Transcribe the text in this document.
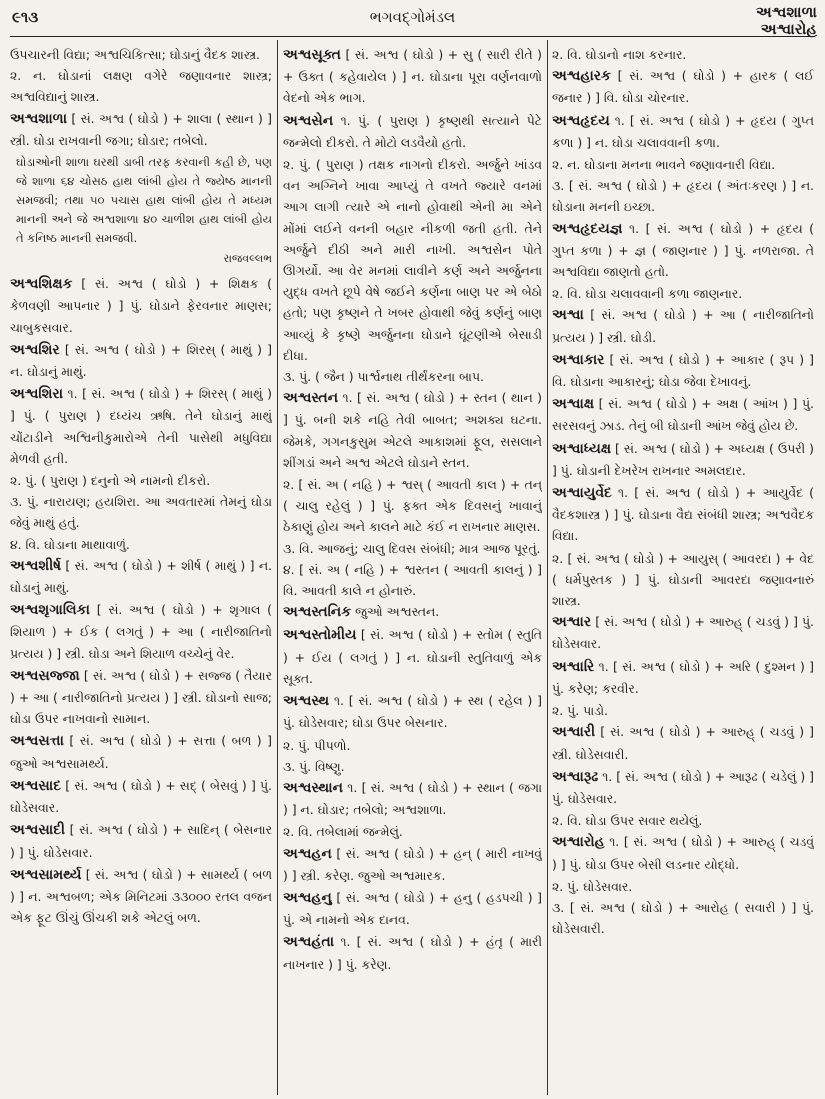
૯૧૩	ભગવદ્ગોમંડલ	અશ્વશાળા
અશ્વારોહ

ઉપચારની વિદ્યા; અશ્વચિકિત્સા; ઘોડાનું વૈદક શાસ્ત્ર.

૨. ન. ઘોડાનાં લક્ષણ વગેરે જણાવનાર શાસ્ત્ર; અશ્વવિદ્યાનું શાસ્ત્ર.

અશ્વશાળા [ સં. અશ્વ ( ઘોડો ) + શાલા ( સ્થાન ) ] સ્ત્રી. ઘોડા રાખવાની જગા; ઘોડાર; તબેલો.

ઘોડાઓની શાળા ઘરથી ડાબી તરફ કરવાની કહી છે, પણ જે શાળા ૬૪ ચોસઠ હાથ લાંબી હોય તે જ્યેષ્ઠ માનની સમજવી; તથા ૫૦ પચાસ હાથ લાંબી હોય તે મધ્યમ માનની અને જે અશ્વશાળા ૪૦ ચાળીશ હાથ લાંબી હોય તે કનિષ્ઠ માનની સમજવી.

રાજવલ્લભ

અશ્વશિક્ષક [ સં. અશ્વ ( ઘોડો ) + શિક્ષક ( કેળવણી આપનાર ) ] પું. ઘોડાને ફેરવનાર માણસ; ચાબુકસવાર.

અશ્વશિર [ સં. અશ્વ ( ઘોડો ) + શિરસ્ ( માથું ) ] ન. ઘોડાનું માથું.

અશ્વશિરા ૧. [ સં. અશ્વ ( ઘોડો ) + શિરસ્ ( માથું ) ] પું. ( પુરાણ ) દધ્યંચ ઋષિ. તેને ઘોડાનું માથું ચોંટાડીને અશ્વિનીકુમારોએ તેની પાસેથી મધુવિદ્યા મેળવી હતી.

૨. પું. ( પુરાણ ) દનુનો એ નામનો દીકરો.

૩. પું. નારાયણ; હયશિરા. આ અવતારમાં તેમનું ઘોડા જેવું માથું હતું.

૪. વિ. ઘોડાના માથાવાળું.

અશ્વશીર્ષ [ સં. અશ્વ ( ઘોડો ) + શીર્ષ ( માથું ) ] ન. ઘોડાનું માથું.

અશ્વશૃગાલિકા [ સં. અશ્વ ( ઘોડો ) + શૃગાલ ( શિયાળ ) + ઈક ( લગતું ) + આ ( નારીજાતિનો પ્રત્યય ) ] સ્ત્રી. ઘોડા અને શિયાળ વચ્ચેનું વેર.

અશ્વસજ્જા [ સં. અશ્વ ( ઘોડો ) + સજ્જ ( તૈયાર ) + આ ( નારીજાતિનો પ્રત્યય ) ] સ્ત્રી. ઘોડાનો સાજ; ઘોડા ઉપર નાખવાનો સામાન.

અશ્વસત્તા [ સં. અશ્વ ( ઘોડો ) + સત્તા ( બળ ) ] જુઓ અશ્વસામર્થ્ય.

અશ્વસાદ [ સં. અશ્વ ( ઘોડો ) + સદ્ ( બેસવું ) ] પું. ઘોડેસવાર.

અશ્વસાદી [ સં. અશ્વ ( ઘોડો ) + સાદિન્ ( બેસનાર ) ] પું. ઘોડેસવાર.

અશ્વસામર્થ્ય [ સં. અશ્વ ( ઘોડો ) + સામર્થ્ય ( બળ ) ] ન. અશ્વબળ; એક મિનિટમાં ૩૩૦૦૦ રતલ વજન એક ફૂટ ઊંચું ઊંચકી શકે એટલું બળ.

અશ્વસૂક્ત [ સં. અશ્વ ( ઘોડો ) + સુ ( સારી રીતે ) + ઉક્ત ( કહેવાયેલ ) ] ન. ઘોડાના પૂરા વર્ણનવાળો વેદનો એક ભાગ.

અશ્વસેન ૧. પું. ( પુરાણ ) કૃષ્ણથી સત્યાને પેટે જન્મેલો દીકરો. તે મોટો લડવૈયો હતો.

૨. પું. ( પુરાણ ) તક્ષક નાગનો દીકરો. અર્જુને ખાંડવ વન અગ્નિને ખાવા આપ્યું તે વખતે જ્યારે વનમાં આગ લાગી ત્યારે એ નાનો હોવાથી એની મા એને મોંમાં લઈને વનની બહાર નીકળી જતી હતી. તેને અર્જુને દીઠી અને મારી નાખી. અશ્વસેન પોતે ઊગર્યો. આ વેર મનમાં લાવીને કર્ણ અને અર્જુનના યુદ્ધ વખતે છૂપે વેષે જઈને કર્ણના બાણ પર એ બેઠો હતો; પણ કૃષ્ણને તે ખબર હોવાથી જેવું કર્ણનું બાણ આવ્યું કે કૃષ્ણે અર્જુનના ઘોડાને ઘૂંટણીએ બેસાડી દીધા.

૩. પું. ( જૈન ) પાર્શ્વનાથ તીર્થંકરના બાપ.

અશ્વસ્તન ૧. [ સં. અશ્વ ( ઘોડો ) + સ્તન ( થાન ) ] પું. બની શકે નહિ તેવી બાબત; અશક્ય ઘટના. જેમકે, ગગનકુસુમ એટલે આકાશમાં ફૂલ, સસલાને શીંગડાં અને અશ્વ એટલે ઘોડાને સ્તન.

૨. [ સં. અ ( નહિ ) + શ્વસ્ ( આવતી કાલ ) + તન્ ( ચાલુ રહેલું ) ] પું. ફક્ત એક દિવસનું ખાવાનું ઠેકાણું હોય અને કાલને માટે કંઈ ન રાખનાર માણસ.

૩. વિ. આજનું; ચાલુ દિવસ સંબંધી; માત્ર આજ પૂરતું.

૪. [ સં. અ ( નહિ ) + શ્વસ્તન ( આવતી કાલનું ) ] વિ. આવતી કાલે ન હોનારું.

અશ્વસ્તનિક જુઓ અશ્વસ્તન.

અશ્વસ્તોમીય [ સં. અશ્વ ( ઘોડો ) + સ્તોમ ( સ્તુતિ ) + ઈય ( લગતું ) ] ન. ઘોડાની સ્તુતિવાળું એક સૂક્ત.

અશ્વસ્થ ૧. [ સં. અશ્વ ( ઘોડો ) + સ્થ ( રહેલ ) ] પું. ઘોડેસવાર; ઘોડા ઉપર બેસનાર.

૨. પું. પીપળો.

૩. પું. વિષ્ણુ.

અશ્વસ્થાન ૧. [ સં. અશ્વ ( ઘોડો ) + સ્થાન ( જગા ) ] ન. ઘોડાર; તબેલો; અશ્વશાળા.

૨. વિ. તબેલામાં જન્મેલું.

અશ્વહન [ સં. અશ્વ ( ઘોડો ) + હન્ ( મારી નાખવું ) ] સ્ત્રી. કરેણ. જુઓ અશ્વમારક.

અશ્વહનુ [ સં. અશ્વ ( ઘોડો ) + હનુ ( હડપચી ) ] પું. એ નામનો એક દાનવ.

અશ્વહંતા ૧. [ સં. અશ્વ ( ઘોડો ) + હંતૃ ( મારી નાખનાર ) ] પું. કરેણ.

૨. વિ. ઘોડાનો નાશ કરનાર.

અશ્વહારક [ સં. અશ્વ ( ઘોડો ) + હારક ( લઈ જનાર ) ] વિ. ઘોડા ચોરનાર.

અશ્વહૃદય ૧. [ સં. અશ્વ ( ઘોડો ) + હૃદય ( ગુપ્ત કળા ) ] ન. ઘોડા ચલાવવાની કળા.

૨. ન. ઘોડાના મનના ભાવને જણાવનારી વિદ્યા.

૩. [ સં. અશ્વ ( ઘોડો ) + હૃદય ( અંતઃકરણ ) ] ન. ઘોડાના મનની ઇચ્છા.

અશ્વહૃદયજ્ઞ ૧. [ સં. અશ્વ ( ઘોડો ) + હૃદય ( ગુપ્ત કળા ) + જ્ઞ ( જાણનાર ) ] પું. નળરાજા. તે અશ્વવિદ્યા જાણતો હતો.

૨. વિ. ઘોડા ચલાવવાની કળા જાણનાર.

અશ્વા [ સં. અશ્વ ( ઘોડો ) + આ ( નારીજાતિનો પ્રત્યય ) ] સ્ત્રી. ઘોડી.

અશ્વાકાર [ સં. અશ્વ ( ઘોડો ) + આકાર ( રૂપ ) ] વિ. ઘોડાના આકારનું; ઘોડા જેવા દેખાવનું.

અશ્વાક્ષ [ સં. અશ્વ ( ઘોડો ) + અક્ષ ( આંખ ) ] પું. સરસવનું ઝાડ. તેનું બી ઘોડાની આંખ જેવું હોય છે.

અશ્વાધ્યક્ષ [ સં. અશ્વ ( ઘોડો ) + અધ્યક્ષ ( ઉપરી ) ] પું. ઘોડાની દેખરેખ રાખનાર અમલદાર.

અશ્વાયુર્વેદ ૧. [ સં. અશ્વ ( ઘોડો ) + આયુર્વેદ ( વૈદકશાસ્ત્ર ) ] પું. ઘોડાના વૈદ્ય સંબંધી શાસ્ત્ર; અશ્વવૈદક વિદ્યા.

૨. [ સં. અશ્વ ( ઘોડો ) + આયુસ્ ( આવરદા ) + વેદ ( ધર્મપુસ્તક ) ] પું. ઘોડાની આવરદા જણાવનારું શાસ્ત્ર.

અશ્વાર [ સં. અશ્વ ( ઘોડો ) + આરુહ્ ( ચડવું ) ] પું. ઘોડેસવાર.

અશ્વારિ ૧. [ સં. અશ્વ ( ઘોડો ) + અરિ ( દુશ્મન ) ] પું. કરેણ; કરવીર.

૨. પું. પાડો.

અશ્વારી [ સં. અશ્વ ( ઘોડો ) + આરુહ્ ( ચડવું ) ] સ્ત્રી. ઘોડેસવારી.

અશ્વારૂઢ ૧. [ સં. અશ્વ ( ઘોડો ) + આરૂઢ ( ચડેલું ) ] પું. ઘોડેસવાર.

૨. વિ. ઘોડા ઉપર સવાર થયેલું.

અશ્વારોહ ૧. [ સં. અશ્વ ( ઘોડો ) + આરુહ્ ( ચડવું ) ] પું. ઘોડા ઉપર બેસી લડનાર યોદ્ધો.

૨. પું. ઘોડેસવાર.

૩. [ સં. અશ્વ ( ઘોડો ) + આરોહ ( સવારી ) ] પું. ઘોડેસવારી.
